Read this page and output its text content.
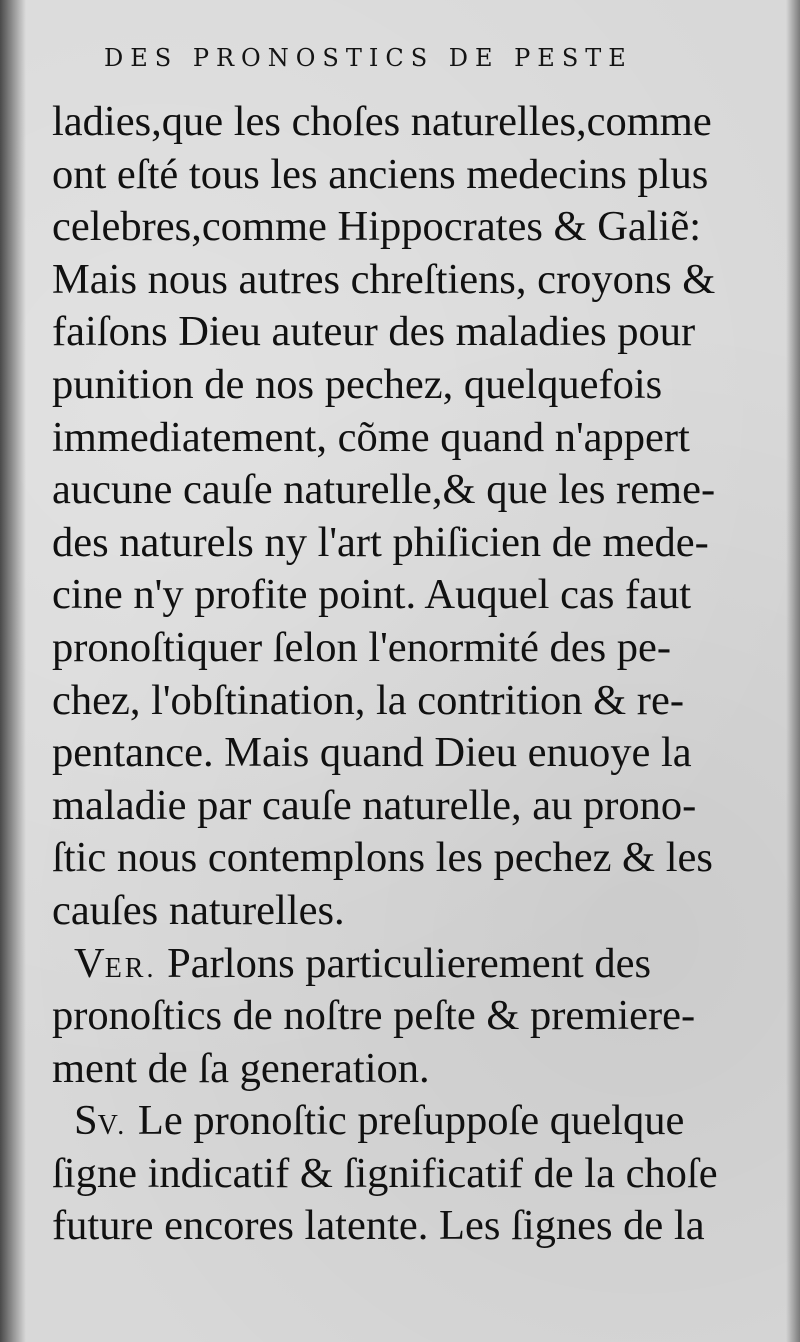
DES PRONOSTICS DE PESTE
ladies,que les choſes naturelles,comme
ont eſté tous les anciens medecins plus
celebres,comme Hippocrates & Galiẽ:
Mais nous autres chreſtiens, croyons &
faiſons Dieu auteur des maladies pour
punition de nos pechez, quelquefois
immediatement, cõme quand n'appert
aucune cauſe naturelle,& que les reme-
des naturels ny l'art phiſicien de mede-
cine n'y profite point. Auquel cas faut
pronoſtiquer ſelon l'enormité des pe-
chez, l'obſtination, la contrition & re-
pentance. Mais quand Dieu enuoye la
maladie par cauſe naturelle, au prono-
ſtic nous contemplons les pechez & les
cauſes naturelles.
VER. Parlons particulierement des
pronoſtics de noſtre peſte & premiere-
ment de ſa generation.
SV. Le pronoſtic preſuppoſe quelque
ſigne indicatif & ſignificatif de la choſe
future encores latente. Les ſignes de la
